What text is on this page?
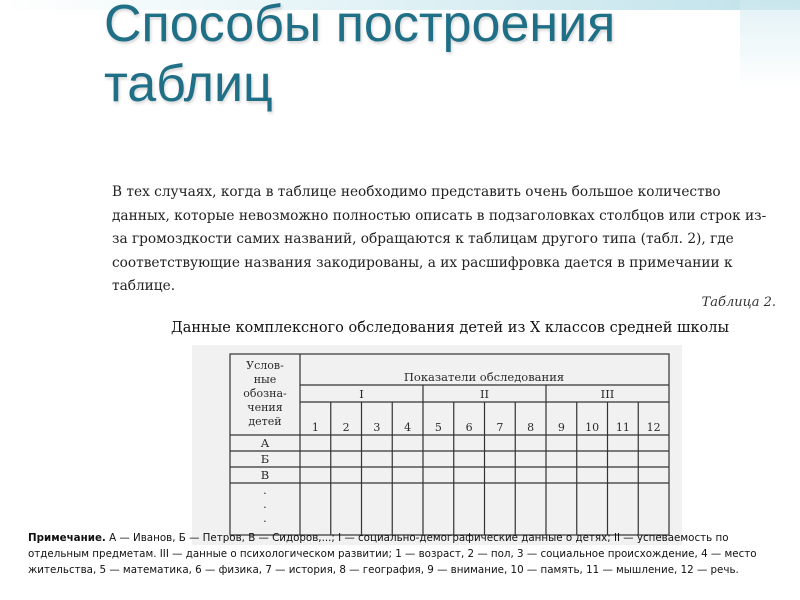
Способы построения
таблиц

В тех случаях, когда в таблице необходимо представить очень большое количество данных, которые невозможно полностью описать в подзаголовках столбцов или строк из-за громоздкости самих названий, обращаются к таблицам другого типа (табл. 2), где соответствующие названия закодированы, а их расшифровка дается в примечании к таблице.

Таблица 2.
Данные комплексного обследования детей из X классов средней школы
Услов-
ные
обозна-
чения
детей
Показатели обследования
I	II	III
1 2 3 4 5 6 7 8 9 10 11 12
А
Б
В
·
·
·

Примечание. А — Иванов, Б — Петров, В — Сидоров,...; I — социально-демографические данные о детях; II — успеваемость по отдельным предметам. III — данные о психологическом развитии; 1 — возраст, 2 — пол, 3 — социальное происхождение, 4 — место жительства, 5 — математика, 6 — физика, 7 — история, 8 — география, 9 — внимание, 10 — память, 11 — мышление, 12 — речь.
